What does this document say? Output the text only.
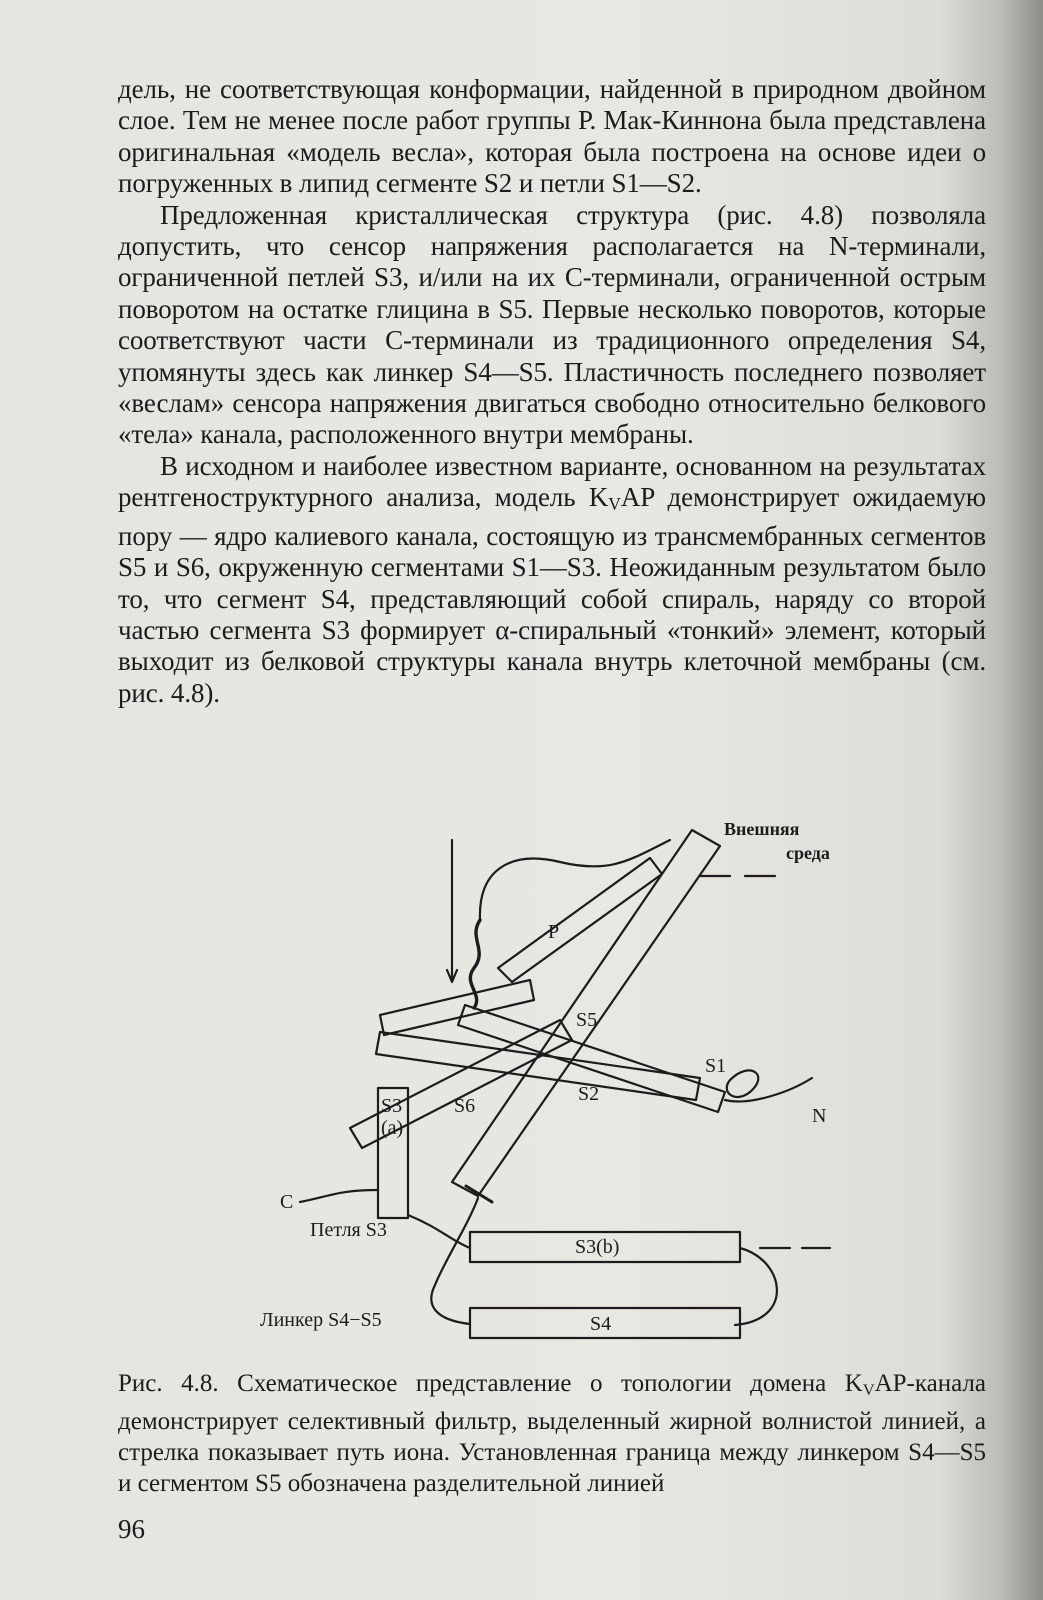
дель, не соответствующая конформации, найденной в природном двойном слое. Тем не менее после работ группы Р. Мак-Киннона была представлена оригинальная «модель весла», которая была построена на основе идеи о погруженных в липид сегменте S2 и петли S1—S2.

Предложенная кристаллическая структура (рис. 4.8) позволяла допустить, что сенсор напряжения располагается на N-терминали, ограниченной петлей S3, и/или на их С-терминали, ограниченной острым поворотом на остатке глицина в S5. Первые несколько поворотов, которые соответствуют части С-терминали из традиционного определения S4, упомянуты здесь как линкер S4—S5. Пластичность последнего позволяет «веслам» сенсора напряжения двигаться свободно относительно белкового «тела» канала, расположенного внутри мембраны.

В исходном и наиболее известном варианте, основанном на результатах рентгеноструктурного анализа, модель $K_VAP$ демонстрирует ожидаемую пору — ядро калиевого канала, состоящую из трансмембранных сегментов S5 и S6, окруженную сегментами S1—S3. Неожиданным результатом было то, что сегмент S4, представляющий собой спираль, наряду со второй частью сегмента S3 формирует α-спиральный «тонкий» элемент, который выходит из белковой структуры канала внутрь клеточной мембраны (см. рис. 4.8).

Внешняя
среда
P
S5
S1
S2
S6
S3
(a)
N
C
Петля S3
S3(b)
Линкер S4−S5	S4
Рис. 4.8. Схематическое представление о топологии домена $K_VAP$-канала демонстрирует селективный фильтр, выделенный жирной волнистой линией, а стрелка показывает путь иона. Установленная граница между линкером S4—S5 и сегментом S5 обозначена разделительной линией
96
